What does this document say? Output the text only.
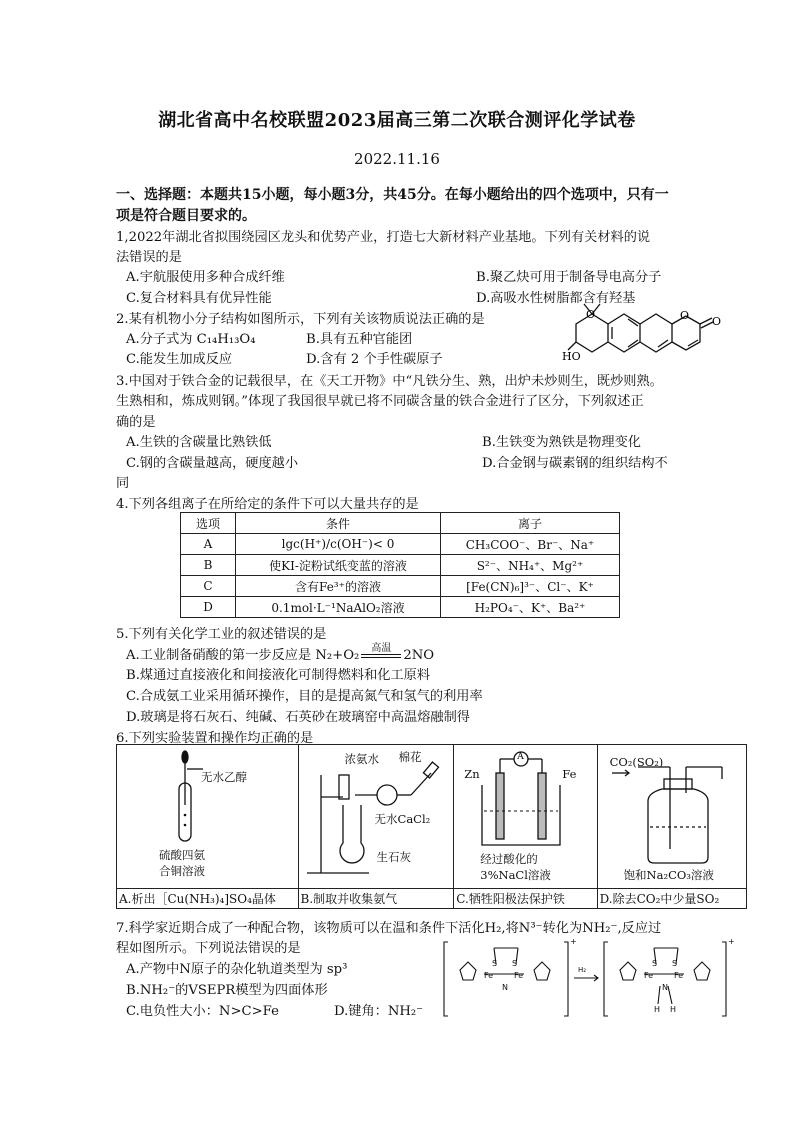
湖北省高中名校联盟2023届高三第二次联合测评化学试卷
2022.11.16
一、选择题：本题共15小题，每小题3分，共45分。在每小题给出的四个选项中，只有一
项是符合题目要求的。
1,2022年湖北省拟围绕园区龙头和优势产业，打造七大新材料产业基地。下列有关材料的说
法错误的是
A.宇航服使用多种合成纤维	B.聚乙炔可用于制备导电高分子
C.复合材料具有优异性能	D.高吸水性树脂都含有羟基
2.某有机物小分子结构如图所示，下列有关该物质说法正确的是
A.分子式为 C₁₄H₁₃O₄	B.具有五种官能团
C.能发生加成反应	D.含有 2 个手性碳原子
O	O O
HO
3.中国对于铁合金的记载很早，在《天工开物》中“凡铁分生、熟，出炉未炒则生，既炒则熟。
生熟相和，炼成则钢。”体现了我国很早就已将不同碳含量的铁合金进行了区分，下列叙述正
确的是
A.生铁的含碳量比熟铁低	B.生铁变为熟铁是物理变化
C.钢的含碳量越高，硬度越小	D.合金钢与碳素钢的组织结构不
同
4.下列各组离子在所给定的条件下可以大量共存的是
选项	条件	离子
A	lgc(H⁺)/c(OH⁻)< 0	CH₃COO⁻、Br⁻、Na⁺
B	使KI-淀粉试纸变蓝的溶液	S²⁻、NH₄⁺、Mg²⁺
C	含有Fe³⁺的溶液	[Fe(CN)₆]³⁻、Cl⁻、K⁺
D	0.1mol·L⁻¹NaAlO₂溶液	H₂PO₄⁻、K⁺、Ba²⁺
5.下列有关化学工业的叙述错误的是
A.工业制备硝酸的第一步反应是 N₂+O₂	高温 2NO
B.煤通过直接液化和间接液化可制得燃料和化工原料
C.合成氨工业采用循环操作，目的是提高氮气和氢气的利用率
D.玻璃是将石灰石、纯碱、石英砂在玻璃窑中高温熔融制得
6.下列实验装置和操作均正确的是
无水乙醇
硫酸四氨
合铜溶液	浓氨水 棉花
无水CaCl₂
生石灰	Zn Fe
A
经过酸化的
3%NaCl溶液	CO₂(SO₂)
饱和Na₂CO₃溶液

A.析出［Cu(NH₃)₄]SO₄晶体	B.制取并收集氨气	C.牺牲阳极法保护铁	D.除去CO₂中少量SO₂
7.科学家近期合成了一种配合物，该物质可以在温和条件下活化H₂,将N³⁻转化为NH₂⁻,反应过
程如图所示。下列说法错误的是
A.产物中N原子的杂化轨道类型为 sp³
B.NH₂⁻的VSEPR模型为四面体形
C.电负性大小：N>C>Fe	D.键角：NH₂⁻
S S
Fe	Fe
N
H₂
+	+
S S
Fe	Fe
N
H H
